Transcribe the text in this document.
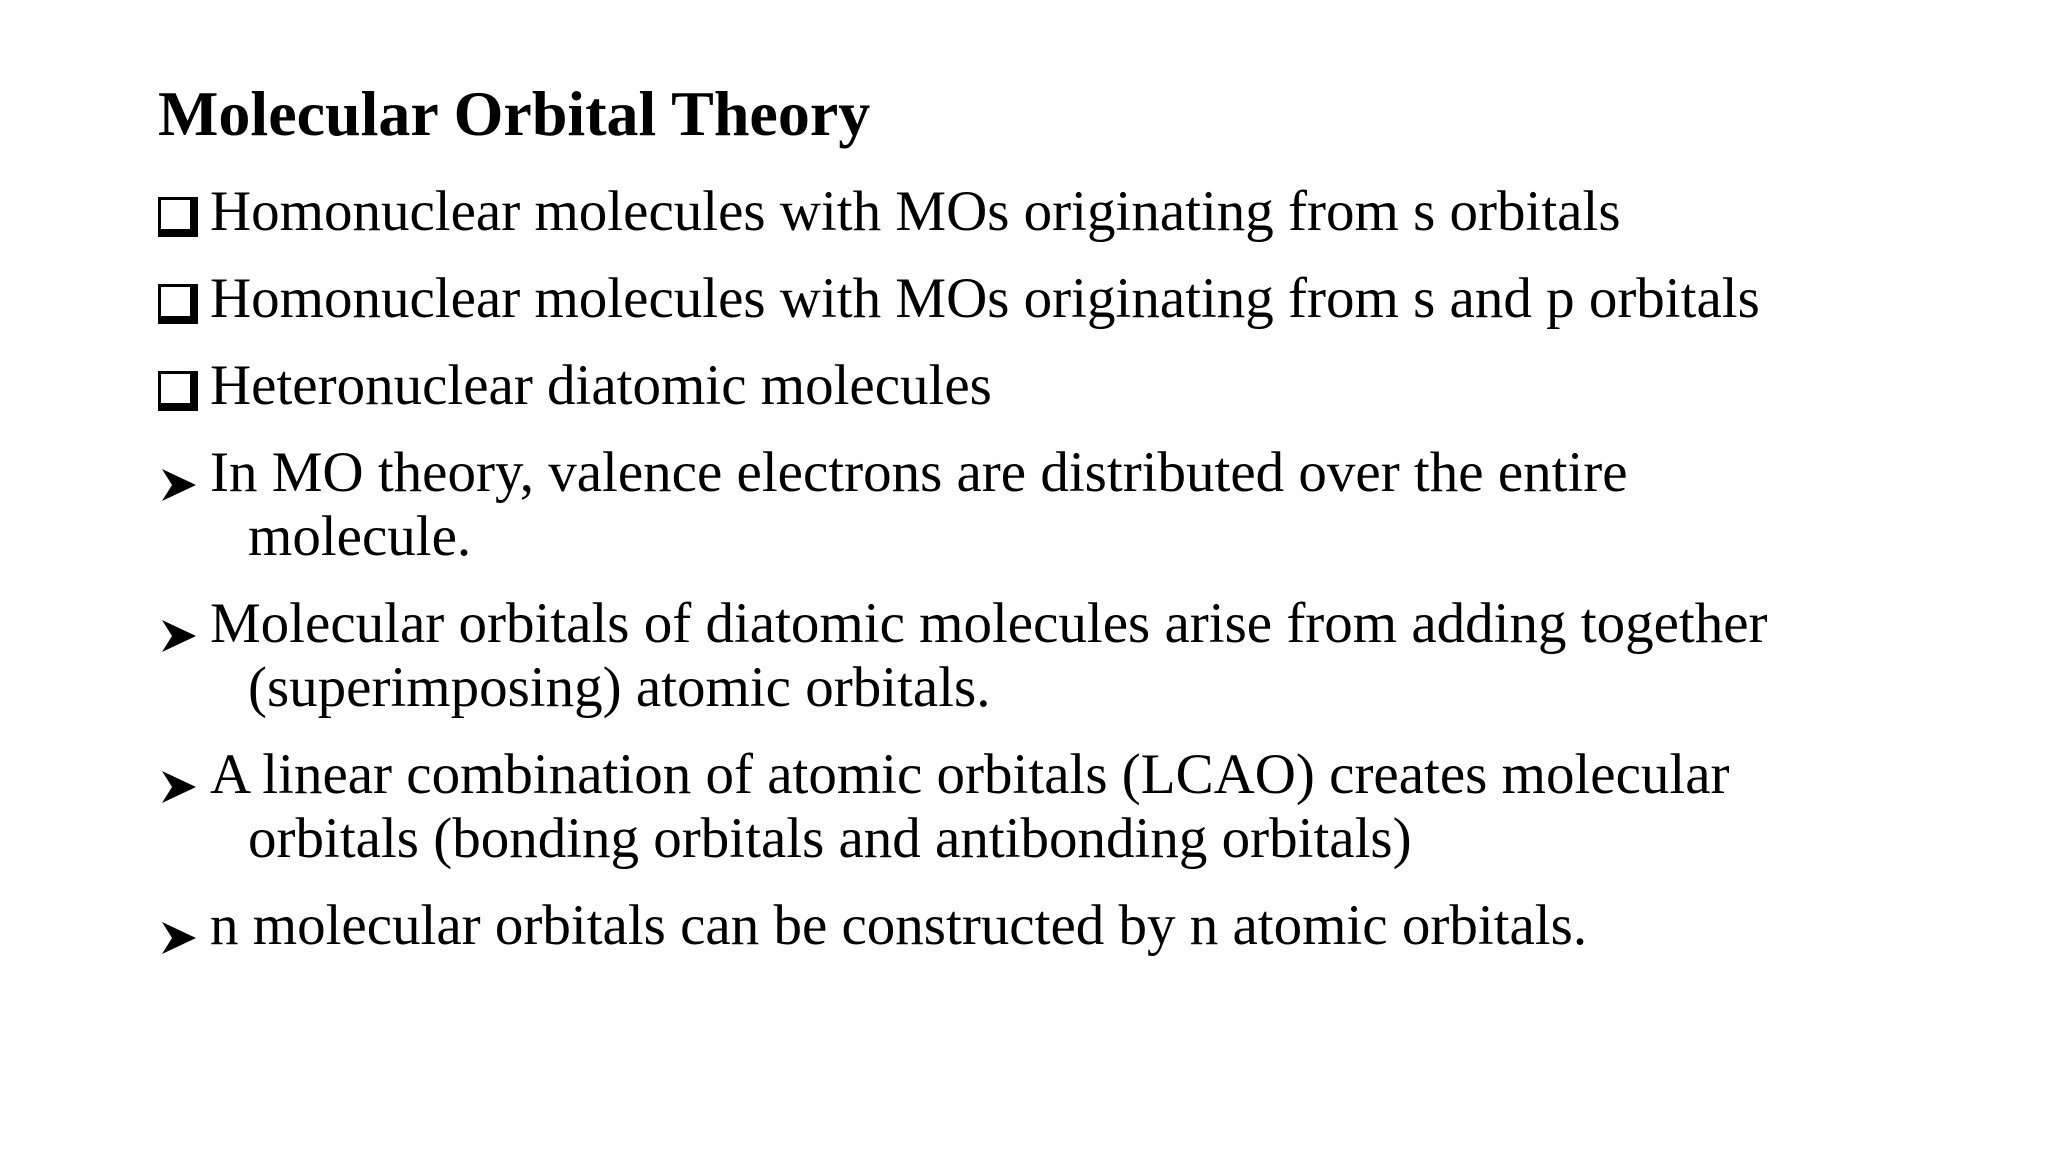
Molecular Orbital Theory
Homonuclear molecules with MOs originating from s orbitals
Homonuclear molecules with MOs originating from s and p orbitals
Heteronuclear diatomic molecules
In MO theory, valence electrons are distributed over the entire
molecule.
Molecular orbitals of diatomic molecules arise from adding together
(superimposing) atomic orbitals.
A linear combination of atomic orbitals (LCAO) creates molecular
orbitals (bonding orbitals and antibonding orbitals)
n molecular orbitals can be constructed by n atomic orbitals.
